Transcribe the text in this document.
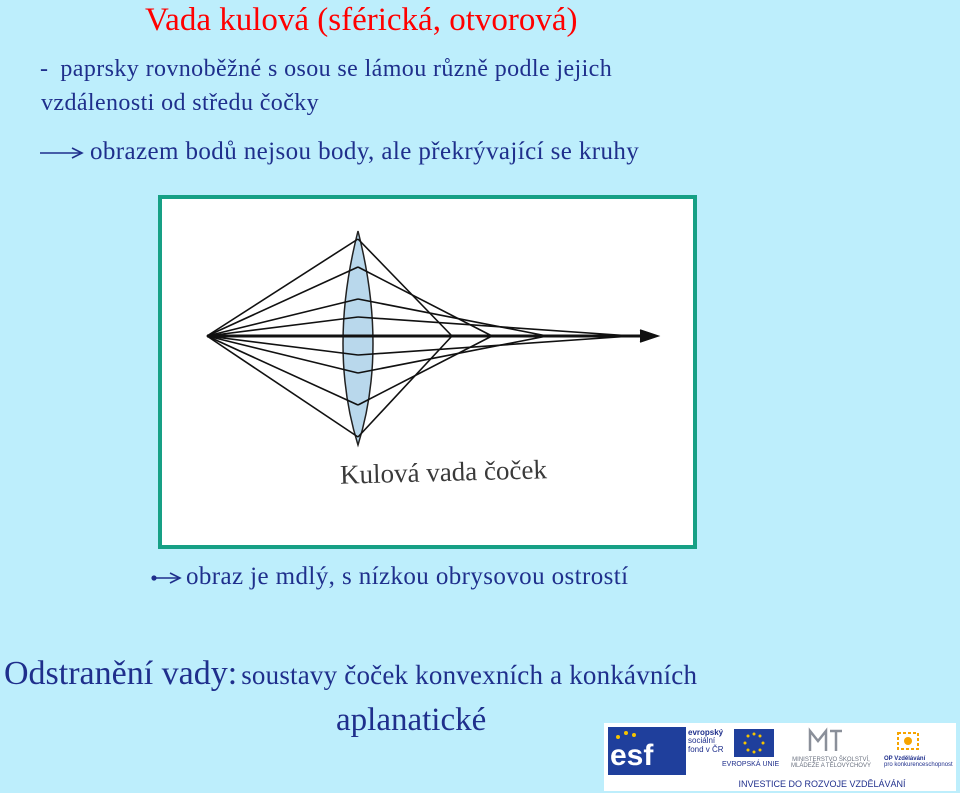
Vada kulová (sférická, otvorová)
- paprsky rovnoběžné s osou se lámou různě podle jejich
vzdálenosti od středu čočky
obrazem bodů nejsou body, ale překrývající se kruhy
Kulová vada čoček
obraz je mdlý, s nízkou obrysovou ostrostí
Odstranění vady: soustavy čoček konvexních a konkávních
aplanatické
esf
evropský
sociální
fond v ČR
EVROPSKÁ UNIE
MINISTERSTVO ŠKOLSTVÍ,
MLÁDEŽE A TĚLOVÝCHOVY
OP Vzdělávání
pro konkurenceschopnost
INVESTICE DO ROZVOJE VZDĚLÁVÁNÍ
